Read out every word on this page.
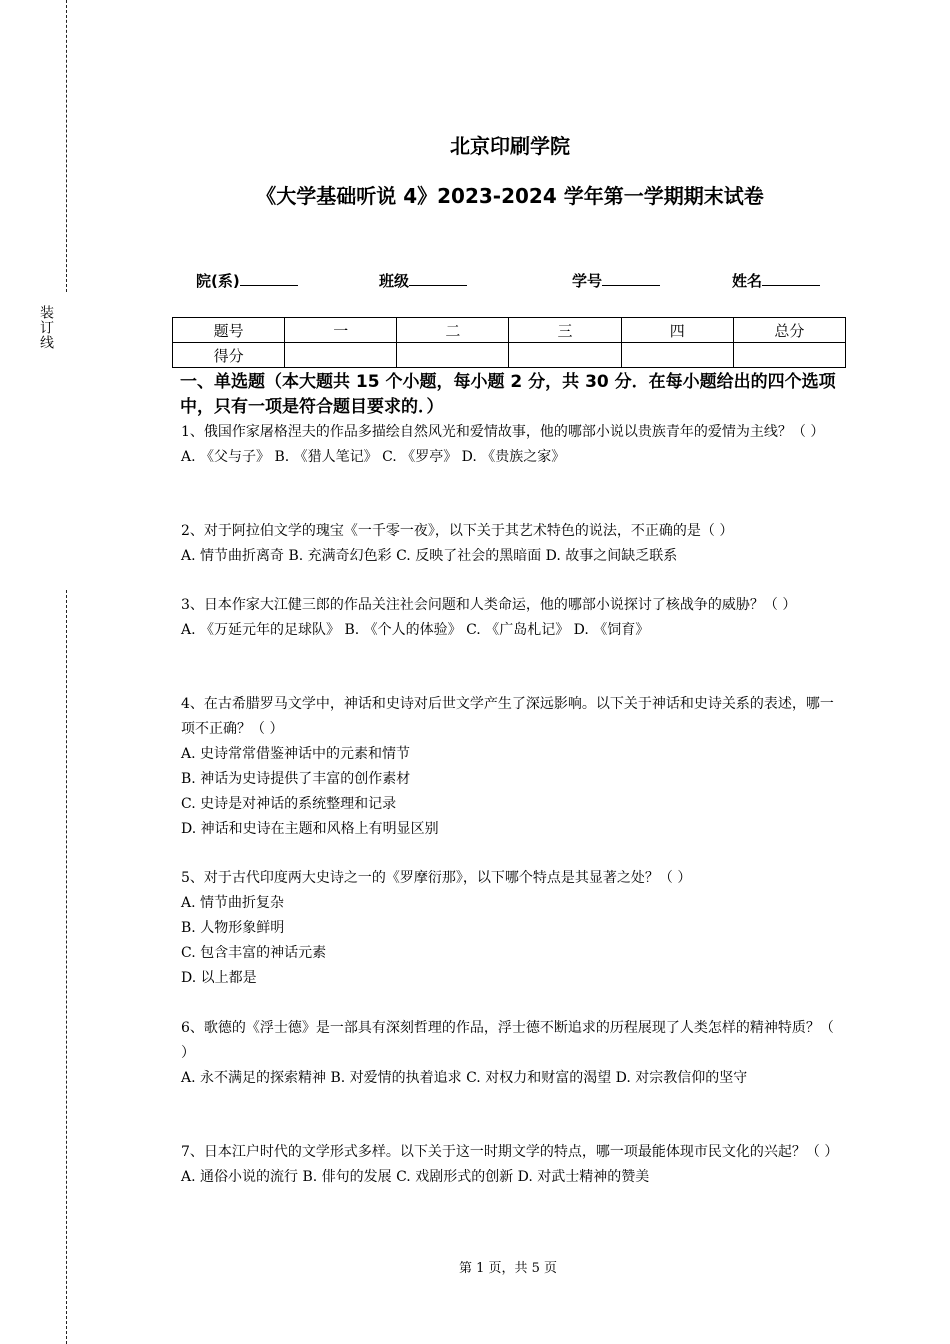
装订线
北京印刷学院
《大学基础听说 4》2023-2024 学年第一学期期末试卷
院(系)	班级	学号	姓名
题号	一	二	三	四	总分
得分					
一、单选题（本大题共 15 个小题，每小题 2 分，共 30 分．在每小题给出的四个选项中，只有一项是符合题目要求的．）

1、俄国作家屠格涅夫的作品多描绘自然风光和爱情故事，他的哪部小说以贵族青年的爱情为主线？（ ）

A. 《父与子》 B. 《猎人笔记》 C. 《罗亭》 D. 《贵族之家》

2、对于阿拉伯文学的瑰宝《一千零一夜》，以下关于其艺术特色的说法，不正确的是（ ）

A. 情节曲折离奇 B. 充满奇幻色彩 C. 反映了社会的黑暗面 D. 故事之间缺乏联系

3、日本作家大江健三郎的作品关注社会问题和人类命运，他的哪部小说探讨了核战争的威胁？（ ）

A. 《万延元年的足球队》 B. 《个人的体验》 C. 《广岛札记》 D. 《饲育》

4、在古希腊罗马文学中，神话和史诗对后世文学产生了深远影响。以下关于神话和史诗关系的表述，哪一项不正确？（ ）

A. 史诗常常借鉴神话中的元素和情节

B. 神话为史诗提供了丰富的创作素材

C. 史诗是对神话的系统整理和记录

D. 神话和史诗在主题和风格上有明显区别

5、对于古代印度两大史诗之一的《罗摩衍那》，以下哪个特点是其显著之处？（ ）

A. 情节曲折复杂

B. 人物形象鲜明

C. 包含丰富的神话元素

D. 以上都是

6、歌德的《浮士德》是一部具有深刻哲理的作品，浮士德不断追求的历程展现了人类怎样的精神特质？（ ）

A. 永不满足的探索精神 B. 对爱情的执着追求 C. 对权力和财富的渴望 D. 对宗教信仰的坚守

7、日本江户时代的文学形式多样。以下关于这一时期文学的特点，哪一项最能体现市民文化的兴起？（ ）

A. 通俗小说的流行 B. 俳句的发展 C. 戏剧形式的创新 D. 对武士精神的赞美

第 1 页，共 5 页
